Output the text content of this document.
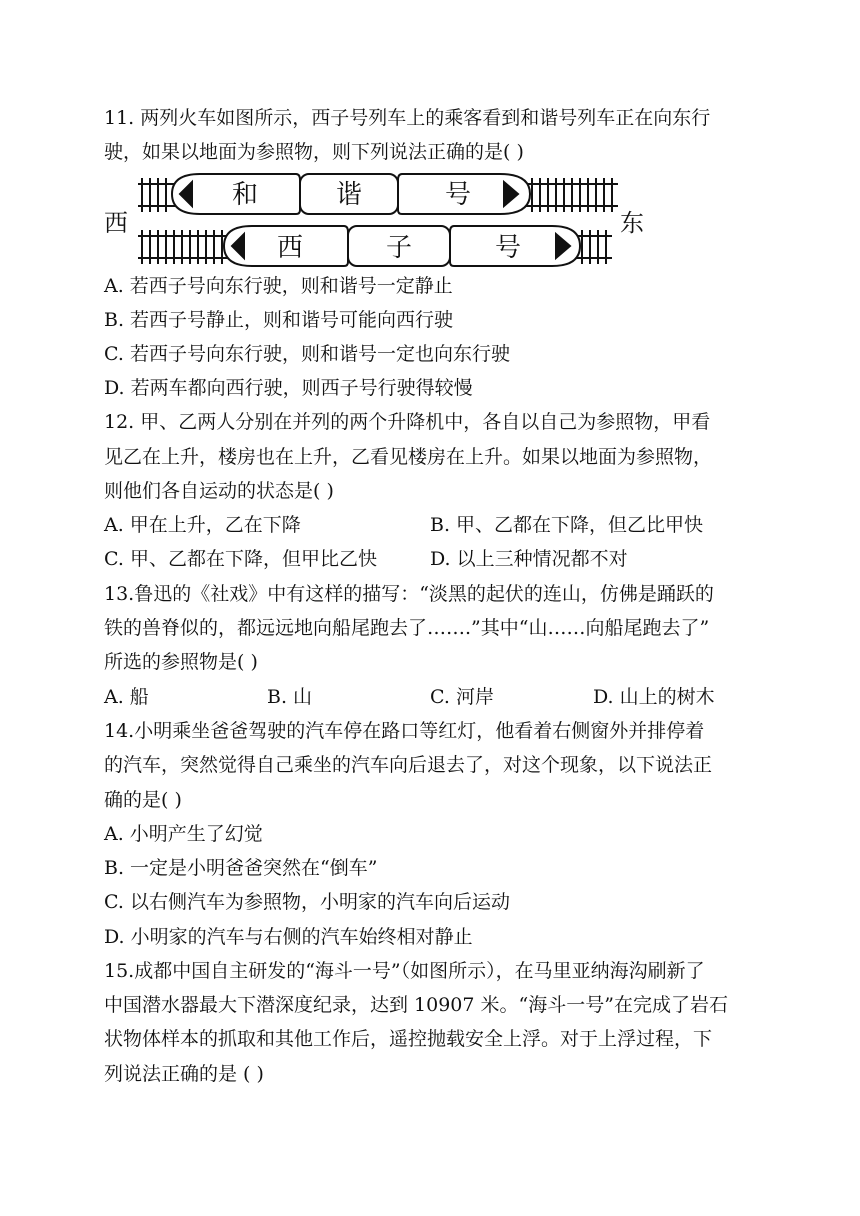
11. 两列火车如图所示，西子号列车上的乘客看到和谐号列车正在向东行
驶，如果以地面为参照物，则下列说法正确的是( )
和	谐	号
西	子	号
西	东
A. 若西子号向东行驶，则和谐号一定静止
B. 若西子号静止，则和谐号可能向西行驶
C. 若西子号向东行驶，则和谐号一定也向东行驶
D. 若两车都向西行驶，则西子号行驶得较慢
12. 甲、乙两人分别在并列的两个升降机中，各自以自己为参照物，甲看
见乙在上升，楼房也在上升，乙看见楼房在上升。如果以地面为参照物，
则他们各自运动的状态是( )
A. 甲在上升，乙在下降	B. 甲、乙都在下降，但乙比甲快
C. 甲、乙都在下降，但甲比乙快	D. 以上三种情况都不对
13.鲁迅的《社戏》中有这样的描写：“淡黑的起伏的连山，仿佛是踊跃的
铁的兽脊似的，都远远地向船尾跑去了…….”其中“山……向船尾跑去了”
所选的参照物是( )
A. 船	B. 山	C. 河岸	D. 山上的树木
14.小明乘坐爸爸驾驶的汽车停在路口等红灯，他看着右侧窗外并排停着
的汽车，突然觉得自己乘坐的汽车向后退去了，对这个现象，以下说法正
确的是( )
A. 小明产生了幻觉
B. 一定是小明爸爸突然在“倒车”
C. 以右侧汽车为参照物，小明家的汽车向后运动
D. 小明家的汽车与右侧的汽车始终相对静止
15.成都中国自主研发的“海斗一号”（如图所示），在马里亚纳海沟刷新了
中国潜水器最大下潜深度纪录，达到 10907 米。“海斗一号”在完成了岩石
状物体样本的抓取和其他工作后，遥控抛载安全上浮。对于上浮过程，下
列说法正确的是 ( )
